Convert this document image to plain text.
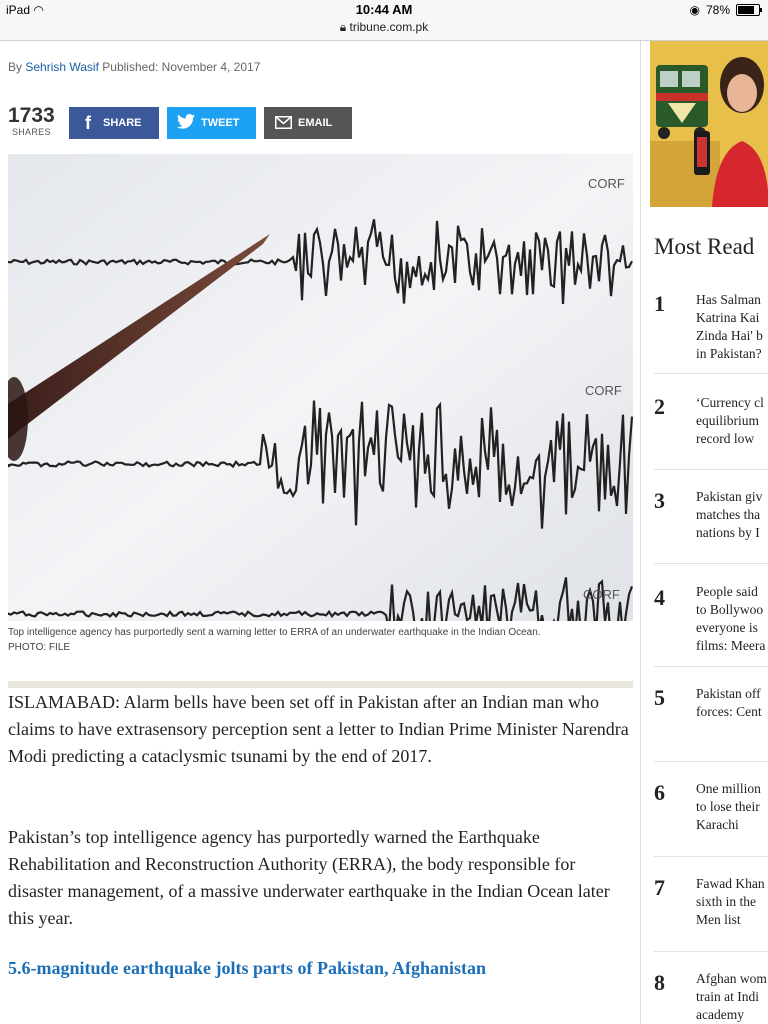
iPad ◠	10:44 AM
🔒︎ tribune.com.pk
◉ 78%
By Sehrish Wasif Published: November 4, 2017
1733
SHARES	f	SHARE	TWEET	EMAIL
CORF
CORF
CORF
Top intelligence agency has purportedly sent a warning letter to ERRA of an underwater earthquake in the Indian Ocean.
PHOTO: FILE

ISLAMABAD: Alarm bells have been set off in Pakistan after an Indian man who claims to have extrasensory perception sent a letter to Indian Prime Minister Narendra Modi predicting a cataclysmic tsunami by the end of 2017.

Pakistan’s top intelligence agency has purportedly warned the Earthquake Rehabilitation and Reconstruction Authority (ERRA), the body responsible for disaster management, of a massive underwater earthquake in the Indian Ocean later this year.

5.6-magnitude earthquake jolts parts of Pakistan, Afghanistan
Most Read
1 Has Salman
Katrina Kai
Zinda Hai' b
in Pakistan?
2 ‘Currency cl
equilibrium
record low
3 Pakistan giv
matches tha
nations by I
4 People said
to Bollywoo
everyone is
films: Meera
5 Pakistan off
forces: Cent
6 One million
to lose their
Karachi
7 Fawad Khan
sixth in the
Men list
8 Afghan wom
train at Indi
academy
